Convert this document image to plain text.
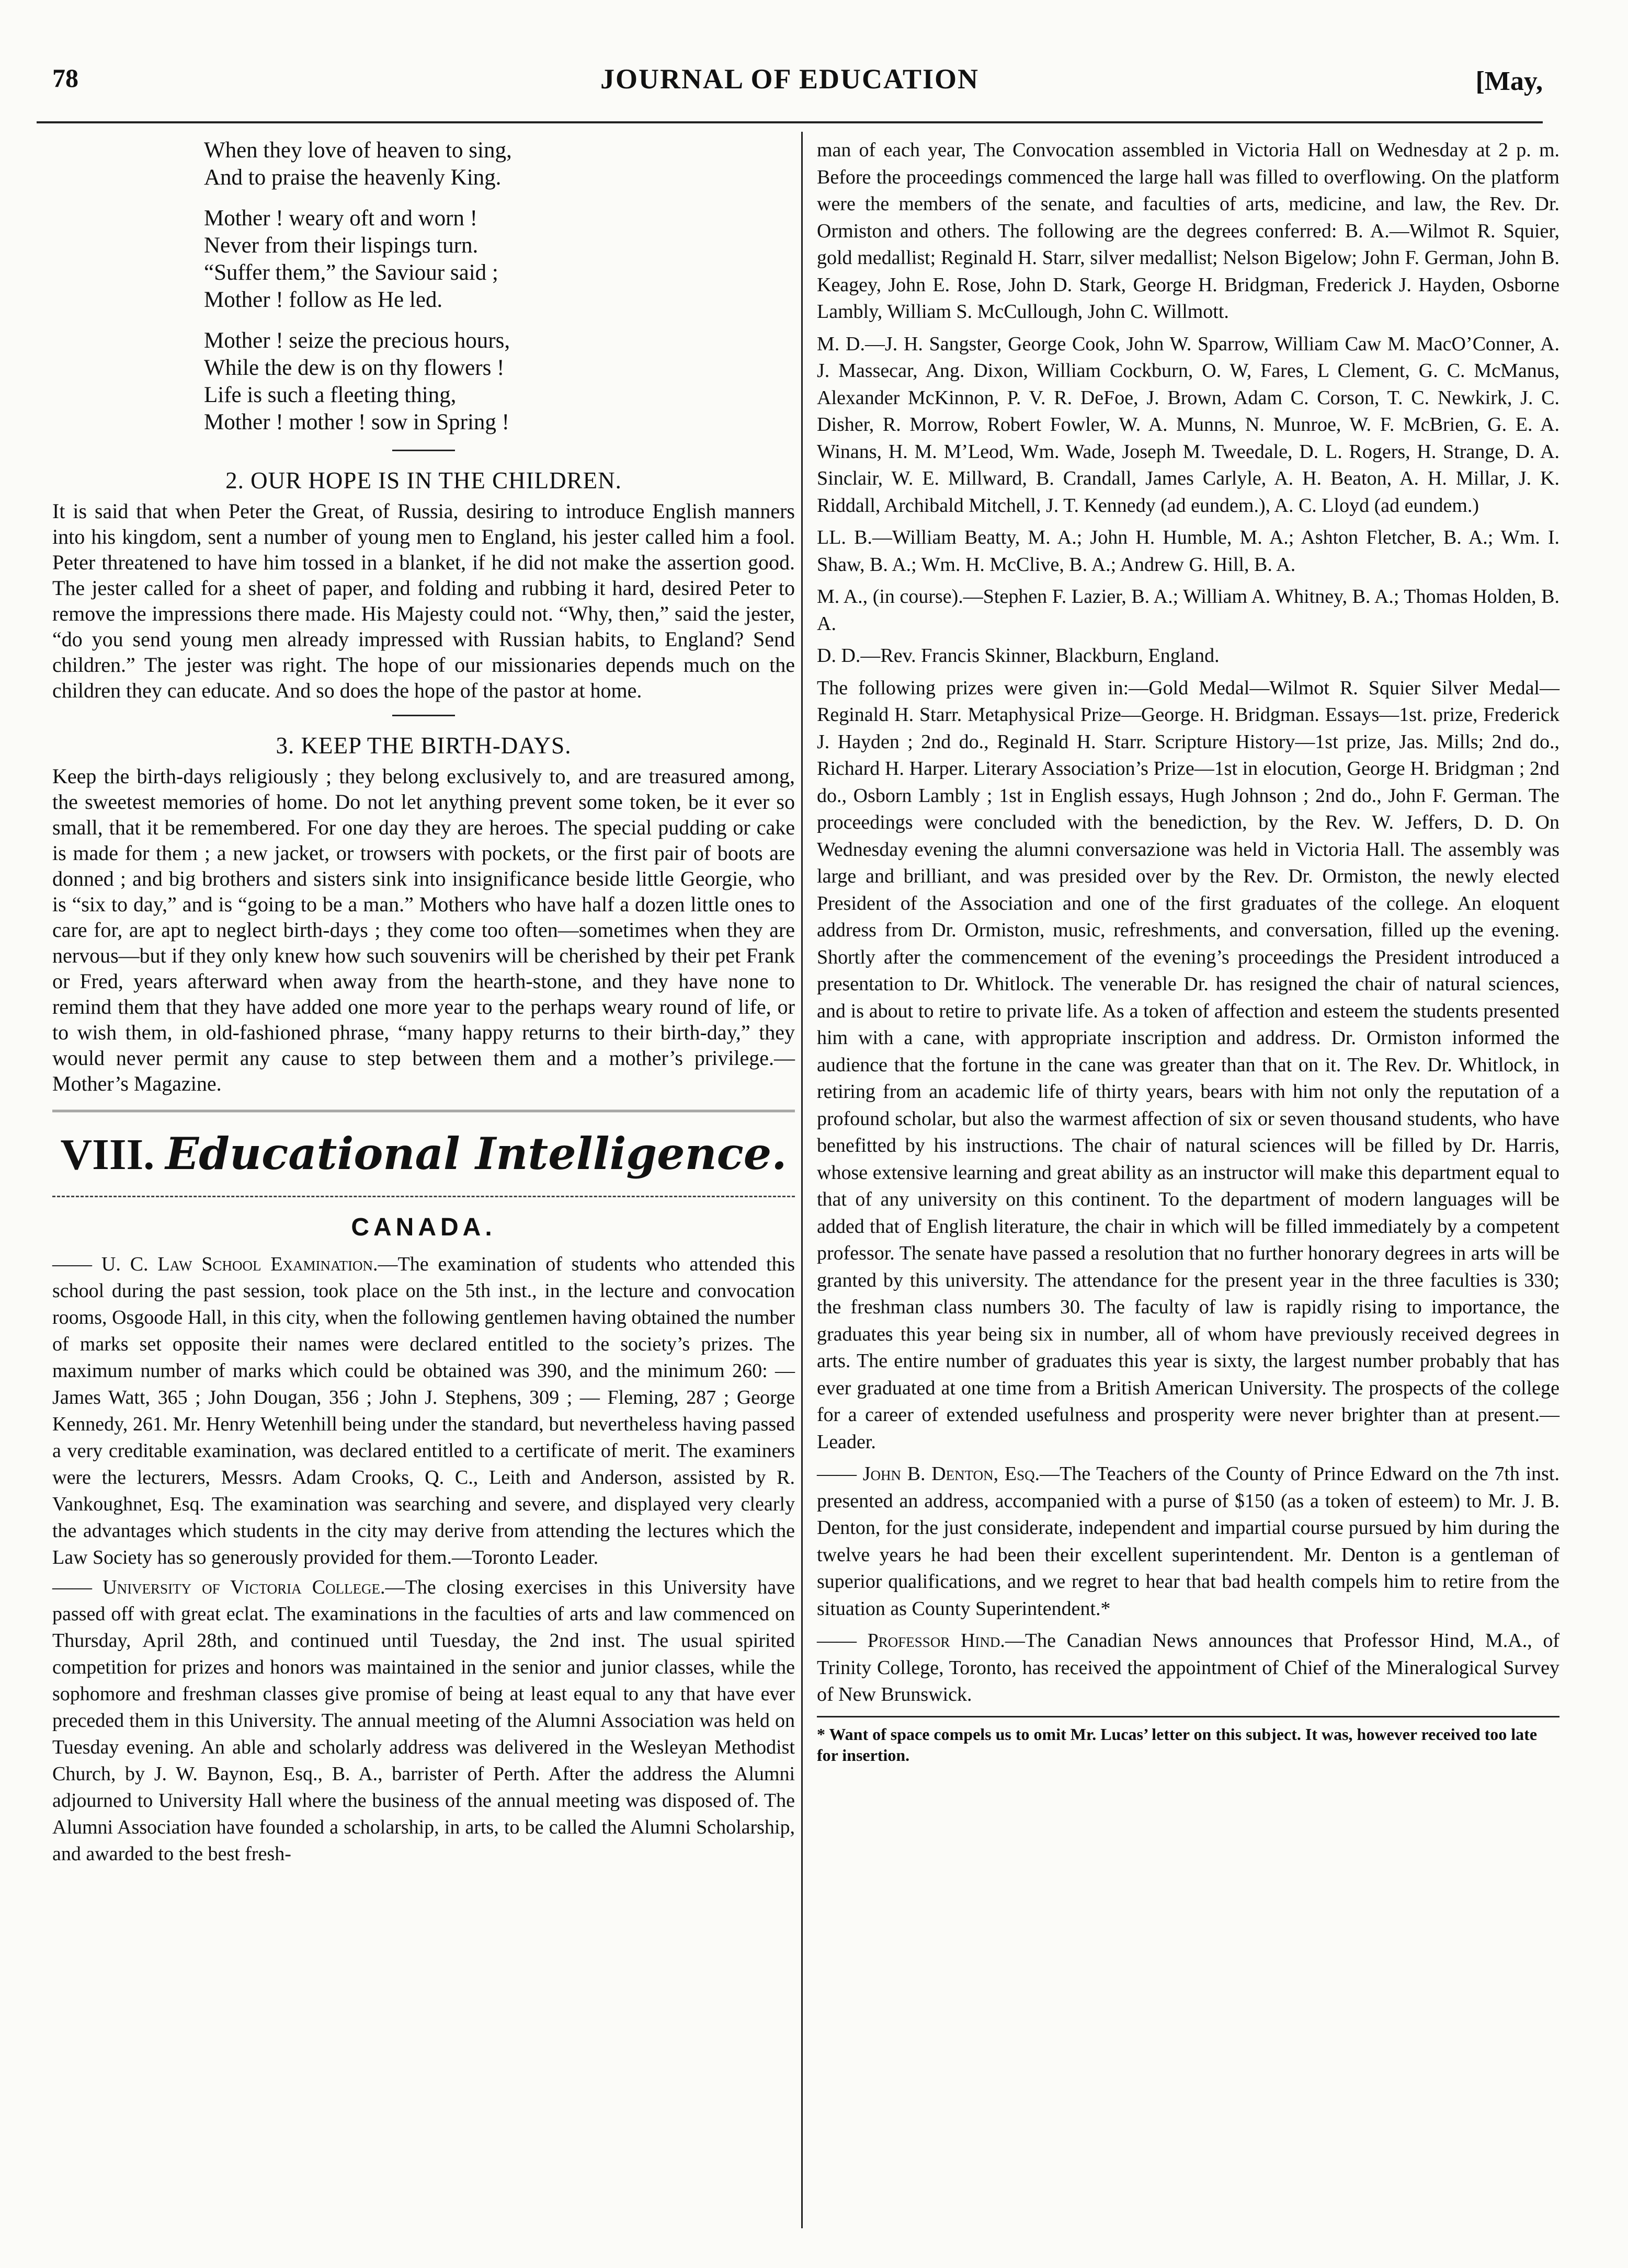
78	JOURNAL OF EDUCATION	[May,

When they love of heaven to sing,

And to praise the heavenly King.

Mother ! weary oft and worn !

Never from their lispings turn.

“Suffer them,” the Saviour said ;

Mother ! follow as He led.

Mother ! seize the precious hours,

While the dew is on thy flowers !

Life is such a fleeting thing,

Mother ! mother ! sow in Spring !

2. OUR HOPE IS IN THE CHILDREN.

It is said that when Peter the Great, of Russia, desiring to introduce English manners into his kingdom, sent a number of young men to England, his jester called him a fool. Peter threatened to have him tossed in a blanket, if he did not make the assertion good. The jester called for a sheet of paper, and folding and rubbing it hard, desired Peter to remove the impressions there made. His Majesty could not. “Why, then,” said the jester, “do you send young men already impressed with Russian habits, to England? Send children.” The jester was right. The hope of our missionaries depends much on the children they can educate. And so does the hope of the pastor at home.

3. KEEP THE BIRTH-DAYS.

Keep the birth-days religiously ; they belong exclusively to, and are treasured among, the sweetest memories of home. Do not let anything prevent some token, be it ever so small, that it be remembered. For one day they are heroes. The special pudding or cake is made for them ; a new jacket, or trowsers with pockets, or the first pair of boots are donned ; and big brothers and sisters sink into insignificance beside little Georgie, who is “six to day,” and is “going to be a man.” Mothers who have half a dozen little ones to care for, are apt to neglect birth-days ; they come too often—sometimes when they are nervous—but if they only knew how such souvenirs will be cherished by their pet Frank or Fred, years afterward when away from the hearth-stone, and they have none to remind them that they have added one more year to the perhaps weary round of life, or to wish them, in old-fashioned phrase, “many happy returns to their birth-day,” they would never permit any cause to step between them and a mother’s privilege.—Mother’s Magazine.

VIII. Educational Intelligence.
CANADA.

—— U. C. Law School Examination.—The examination of students who attended this school during the past session, took place on the 5th inst., in the lecture and convocation rooms, Osgoode Hall, in this city, when the following gentlemen having obtained the number of marks set opposite their names were declared entitled to the society’s prizes. The maximum number of marks which could be obtained was 390, and the minimum 260: —James Watt, 365 ; John Dougan, 356 ; John J. Stephens, 309 ; — Fleming, 287 ; George Kennedy, 261. Mr. Henry Wetenhill being under the standard, but nevertheless having passed a very creditable examination, was declared entitled to a certificate of merit. The examiners were the lecturers, Messrs. Adam Crooks, Q. C., Leith and Anderson, assisted by R. Vankoughnet, Esq. The examination was searching and severe, and displayed very clearly the advantages which students in the city may derive from attending the lectures which the Law Society has so generously provided for them.—Toronto Leader.

—— University of Victoria College.—The closing exercises in this University have passed off with great eclat. The examinations in the faculties of arts and law commenced on Thursday, April 28th, and continued until Tuesday, the 2nd inst. The usual spirited competition for prizes and honors was maintained in the senior and junior classes, while the sophomore and freshman classes give promise of being at least equal to any that have ever preceded them in this University. The annual meeting of the Alumni Association was held on Tuesday evening. An able and scholarly address was delivered in the Wesleyan Methodist Church, by J. W. Baynon, Esq., B. A., barrister of Perth. After the address the Alumni adjourned to University Hall where the business of the annual meeting was disposed of. The Alumni Association have founded a scholarship, in arts, to be called the Alumni Scholarship, and awarded to the best fresh-

man of each year, The Convocation assembled in Victoria Hall on Wednesday at 2 p. m. Before the proceedings commenced the large hall was filled to overflowing. On the platform were the members of the senate, and faculties of arts, medicine, and law, the Rev. Dr. Ormiston and others. The following are the degrees conferred: B. A.—Wilmot R. Squier, gold medallist; Reginald H. Starr, silver medallist; Nelson Bigelow; John F. German, John B. Keagey, John E. Rose, John D. Stark, George H. Bridgman, Frederick J. Hayden, Osborne Lambly, William S. McCullough, John C. Willmott.

M. D.—J. H. Sangster, George Cook, John W. Sparrow, William Caw M. MacO’Conner, A. J. Massecar, Ang. Dixon, William Cockburn, O. W, Fares, L Clement, G. C. McManus, Alexander McKinnon, P. V. R. DeFoe, J. Brown, Adam C. Corson, T. C. Newkirk, J. C. Disher, R. Morrow, Robert Fowler, W. A. Munns, N. Munroe, W. F. McBrien, G. E. A. Winans, H. M. M’Leod, Wm. Wade, Joseph M. Tweedale, D. L. Rogers, H. Strange, D. A. Sinclair, W. E. Millward, B. Crandall, James Carlyle, A. H. Beaton, A. H. Millar, J. K. Riddall, Archibald Mitchell, J. T. Kennedy (ad eundem.), A. C. Lloyd (ad eundem.)

LL. B.—William Beatty, M. A.; John H. Humble, M. A.; Ashton Fletcher, B. A.; Wm. I. Shaw, B. A.; Wm. H. McClive, B. A.; Andrew G. Hill, B. A.

M. A., (in course).—Stephen F. Lazier, B. A.; William A. Whitney, B. A.; Thomas Holden, B. A.

D. D.—Rev. Francis Skinner, Blackburn, England.

The following prizes were given in:—Gold Medal—Wilmot R. Squier Silver Medal—Reginald H. Starr. Metaphysical Prize—George. H. Bridgman. Essays—1st. prize, Frederick J. Hayden ; 2nd do., Reginald H. Starr. Scripture History—1st prize, Jas. Mills; 2nd do., Richard H. Harper. Literary Association’s Prize—1st in elocution, George H. Bridgman ; 2nd do., Osborn Lambly ; 1st in English essays, Hugh Johnson ; 2nd do., John F. German. The proceedings were concluded with the benediction, by the Rev. W. Jeffers, D. D. On Wednesday evening the alumni conversazione was held in Victoria Hall. The assembly was large and brilliant, and was presided over by the Rev. Dr. Ormiston, the newly elected President of the Association and one of the first graduates of the college. An eloquent address from Dr. Ormiston, music, refreshments, and conversation, filled up the evening. Shortly after the commencement of the evening’s proceedings the President introduced a presentation to Dr. Whitlock. The venerable Dr. has resigned the chair of natural sciences, and is about to retire to private life. As a token of affection and esteem the students presented him with a cane, with appropriate inscription and address. Dr. Ormiston informed the audience that the fortune in the cane was greater than that on it. The Rev. Dr. Whitlock, in retiring from an academic life of thirty years, bears with him not only the reputation of a profound scholar, but also the warmest affection of six or seven thousand students, who have benefitted by his instructions. The chair of natural sciences will be filled by Dr. Harris, whose extensive learning and great ability as an instructor will make this department equal to that of any university on this continent. To the department of modern languages will be added that of English literature, the chair in which will be filled immediately by a competent professor. The senate have passed a resolution that no further honorary degrees in arts will be granted by this university. The attendance for the present year in the three faculties is 330; the freshman class numbers 30. The faculty of law is rapidly rising to importance, the graduates this year being six in number, all of whom have previously received degrees in arts. The entire number of graduates this year is sixty, the largest number probably that has ever graduated at one time from a British American University. The prospects of the college for a career of extended usefulness and prosperity were never brighter than at present.—Leader.

—— John B. Denton, Esq.—The Teachers of the County of Prince Edward on the 7th inst. presented an address, accompanied with a purse of $150 (as a token of esteem) to Mr. J. B. Denton, for the just considerate, independent and impartial course pursued by him during the twelve years he had been their excellent superintendent. Mr. Denton is a gentleman of superior qualifications, and we regret to hear that bad health compels him to retire from the situation as County Superintendent.*

—— Professor Hind.—The Canadian News announces that Professor Hind, M.A., of Trinity College, Toronto, has received the appointment of Chief of the Mineralogical Survey of New Brunswick.

* Want of space compels us to omit Mr. Lucas’ letter on this subject. It was, however received too late for insertion.
